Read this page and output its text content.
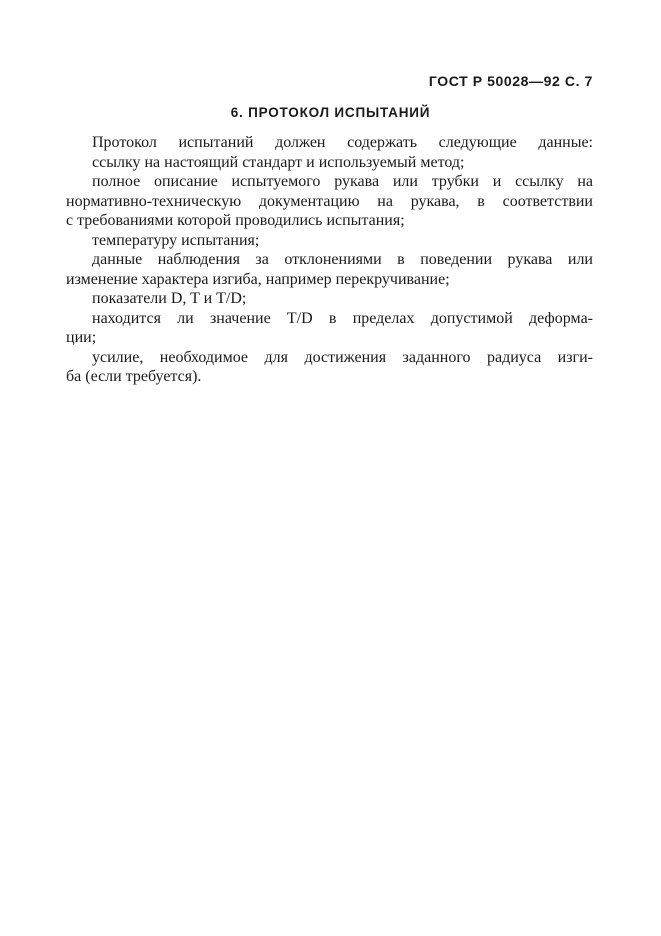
ГОСТ Р 50028—92 С. 7
6. ПРОТОКОЛ ИСПЫТАНИЙ
Протокол испытаний должен содержать следующие данные:
ссылку на настоящий стандарт и используемый метод;
полное описание испытуемого рукава или трубки и ссылку на
нормативно-техническую документацию на рукава, в соответствии
с требованиями которой проводились испытания;
температуру испытания;
данные наблюдения за отклонениями в поведении рукава или
изменение характера изгиба, например перекручивание;
показатели D, T и T/D;
находится ли значение T/D в пределах допустимой деформа-
ции;
усилие, необходимое для достижения заданного радиуса изги-
ба (если требуется).
